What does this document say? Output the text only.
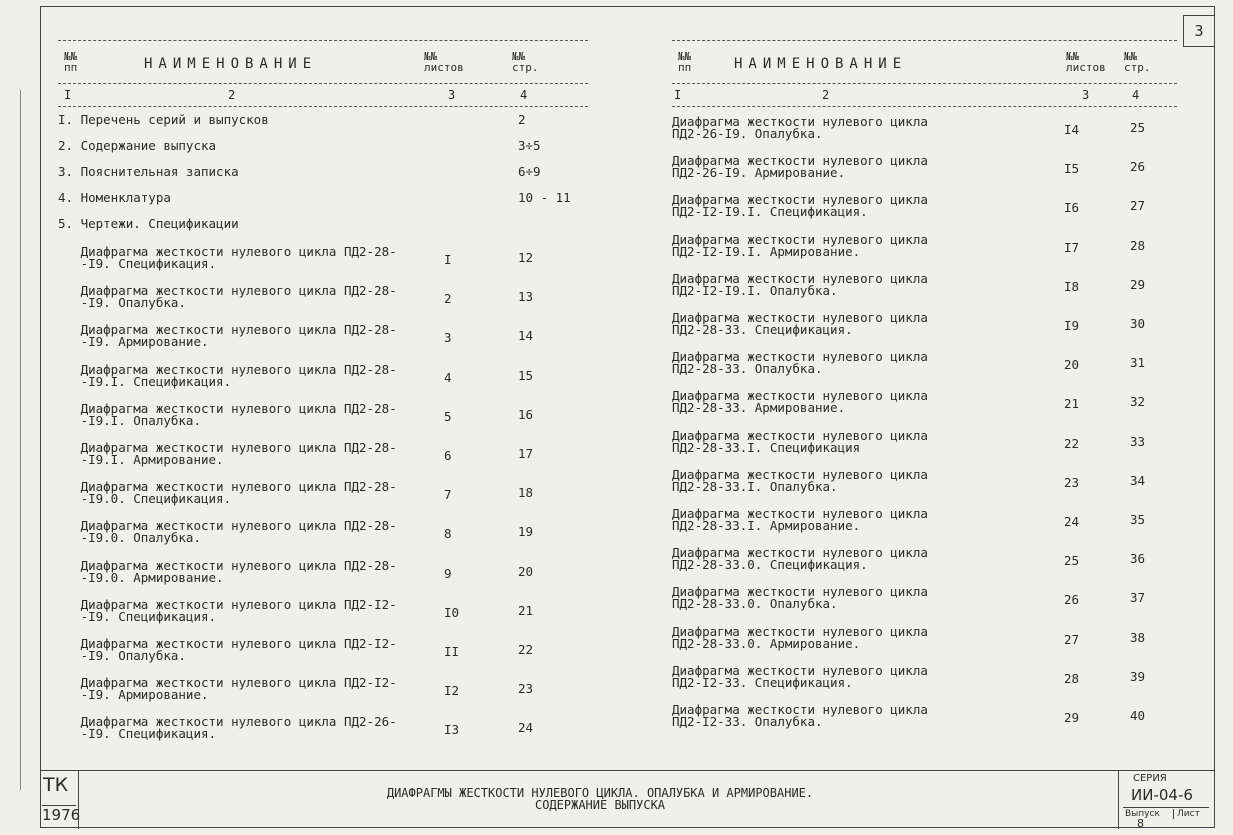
3
№№
пп	НАИМЕНОВАНИЕ	№№
листов
№№
стр.
I	2	3	4
I. Перечень серий и выпусков	2
2. Содержание выпуска	3÷5
3. Пояснительная записка	6÷9
4. Номенклатура	10 - 11
5. Чертежи. Спецификации
Диафрагма жесткости нулевого цикла ПД2-28-
-I9. Спецификация.	I	12
Диафрагма жесткости нулевого цикла ПД2-28-
-I9. Опалубка.	2	13
Диафрагма жесткости нулевого цикла ПД2-28-
-I9. Армирование.	3	14
Диафрагма жесткости нулевого цикла ПД2-28-
-I9.I. Спецификация.	4	15
Диафрагма жесткости нулевого цикла ПД2-28-
-I9.I. Опалубка.	5	16
Диафрагма жесткости нулевого цикла ПД2-28-
-I9.I. Армирование.	6	17
Диафрагма жесткости нулевого цикла ПД2-28-
-I9.0. Спецификация.	7	18
Диафрагма жесткости нулевого цикла ПД2-28-
-I9.0. Опалубка.	8	19
Диафрагма жесткости нулевого цикла ПД2-28-
-I9.0. Армирование.	9	20
Диафрагма жесткости нулевого цикла ПД2-I2-
-I9. Спецификация.	I0	21
Диафрагма жесткости нулевого цикла ПД2-I2-
-I9. Опалубка.	II	22
Диафрагма жесткости нулевого цикла ПД2-I2-
-I9. Армирование.	I2	23
Диафрагма жесткости нулевого цикла ПД2-26-
-I9. Спецификация.	I3	24
№№
пп	НАИМЕНОВАНИЕ	№№
листов
№№
стр.
I	2	3	4
Диафрагма жесткости нулевого цикла
ПД2-26-I9. Опалубка.	I4	25
Диафрагма жесткости нулевого цикла
ПД2-26-I9. Армирование.	I5	26
Диафрагма жесткости нулевого цикла
ПД2-I2-I9.I. Спецификация.	I6	27
Диафрагма жесткости нулевого цикла
ПД2-I2-I9.I. Армирование.	I7	28
Диафрагма жесткости нулевого цикла
ПД2-I2-I9.I. Опалубка.	I8	29
Диафрагма жесткости нулевого цикла
ПД2-28-33. Спецификация.	I9	30
Диафрагма жесткости нулевого цикла
ПД2-28-33. Опалубка.	20	31
Диафрагма жесткости нулевого цикла
ПД2-28-33. Армирование.	21	32
Диафрагма жесткости нулевого цикла
ПД2-28-33.I. Спецификация	22	33
Диафрагма жесткости нулевого цикла
ПД2-28-33.I. Опалубка.	23	34
Диафрагма жесткости нулевого цикла
ПД2-28-33.I. Армирование.	24	35
Диафрагма жесткости нулевого цикла
ПД2-28-33.0. Спецификация.	25	36
Диафрагма жесткости нулевого цикла
ПД2-28-33.0. Опалубка.	26	37
Диафрагма жесткости нулевого цикла
ПД2-28-33.0. Армирование.	27	38
Диафрагма жесткости нулевого цикла
ПД2-I2-33. Спецификация.	28	39
Диафрагма жесткости нулевого цикла
ПД2-I2-33. Опалубка.	29	40
ТК
1976
ДИАФРАГМЫ ЖЕСТКОСТИ НУЛЕВОГО ЦИКЛА. ОПАЛУБКА И АРМИРОВАНИЕ.
СОДЕРЖАНИЕ ВЫПУСКА
СЕРИЯ
ИИ-04-6
Выпуск	Лист
8
